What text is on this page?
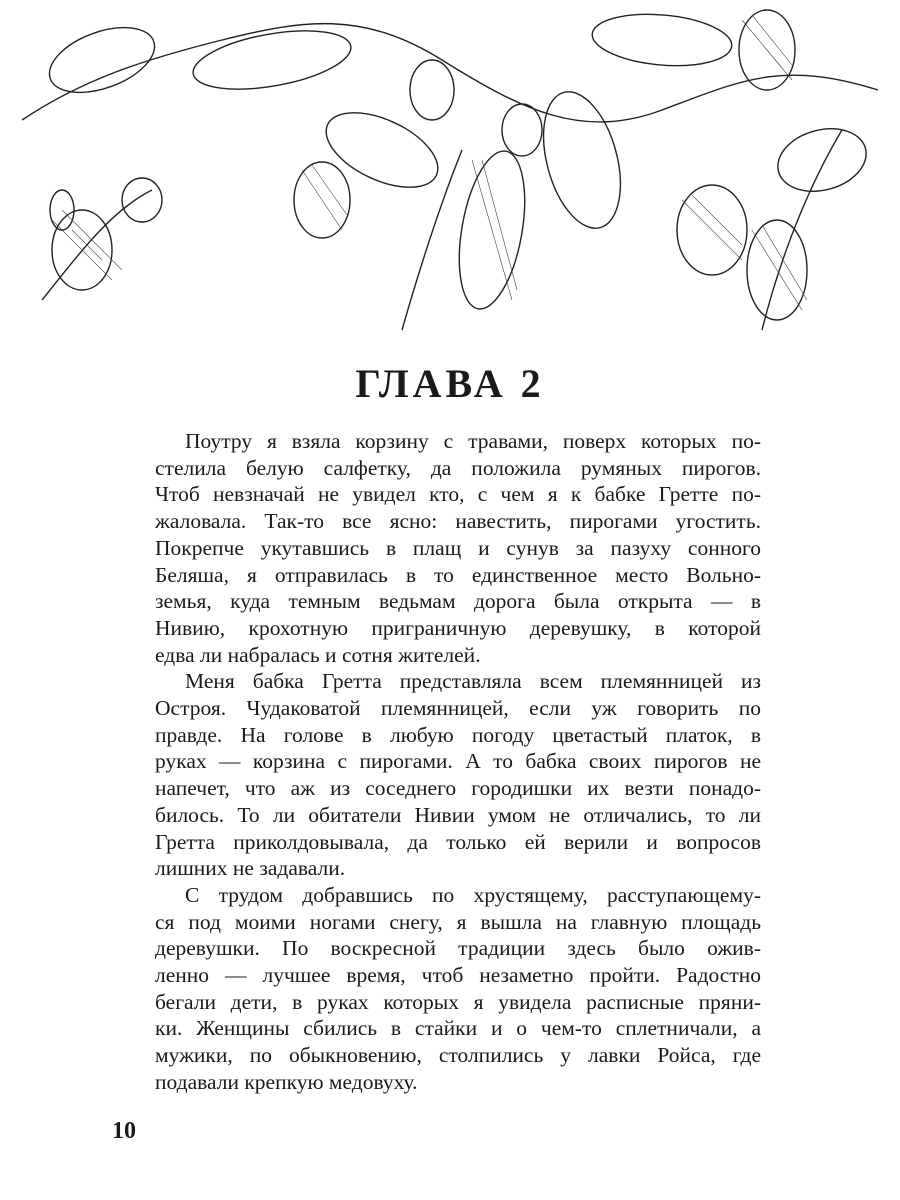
ГЛАВА 2
Поутру я взяла корзину с травами, поверх которых по-
стелила белую салфетку, да положила румяных пирогов.
Чтоб невзначай не увидел кто, с чем я к бабке Гретте по-
жаловала. Так-то все ясно: навестить, пирогами угостить.
Покрепче укутавшись в плащ и сунув за пазуху сонного
Беляша, я отправилась в то единственное место Вольно-
земья, куда темным ведьмам дорога была открыта — в
Нивию, крохотную приграничную деревушку, в которой
едва ли набралась и сотня жителей.
Меня бабка Гретта представляла всем племянницей из
Остроя. Чудаковатой племянницей, если уж говорить по
правде. На голове в любую погоду цветастый платок, в
руках — корзина с пирогами. А то бабка своих пирогов не
напечет, что аж из соседнего городишки их везти понадо-
билось. То ли обитатели Нивии умом не отличались, то ли
Гретта приколдовывала, да только ей верили и вопросов
лишних не задавали.
С трудом добравшись по хрустящему, расступающему-
ся под моими ногами снегу, я вышла на главную площадь
деревушки. По воскресной традиции здесь было ожив-
ленно — лучшее время, чтоб незаметно пройти. Радостно
бегали дети, в руках которых я увидела расписные пряни-
ки. Женщины сбились в стайки и о чем-то сплетничали, а
мужики, по обыкновению, столпились у лавки Ройса, где
подавали крепкую медовуху.
10
